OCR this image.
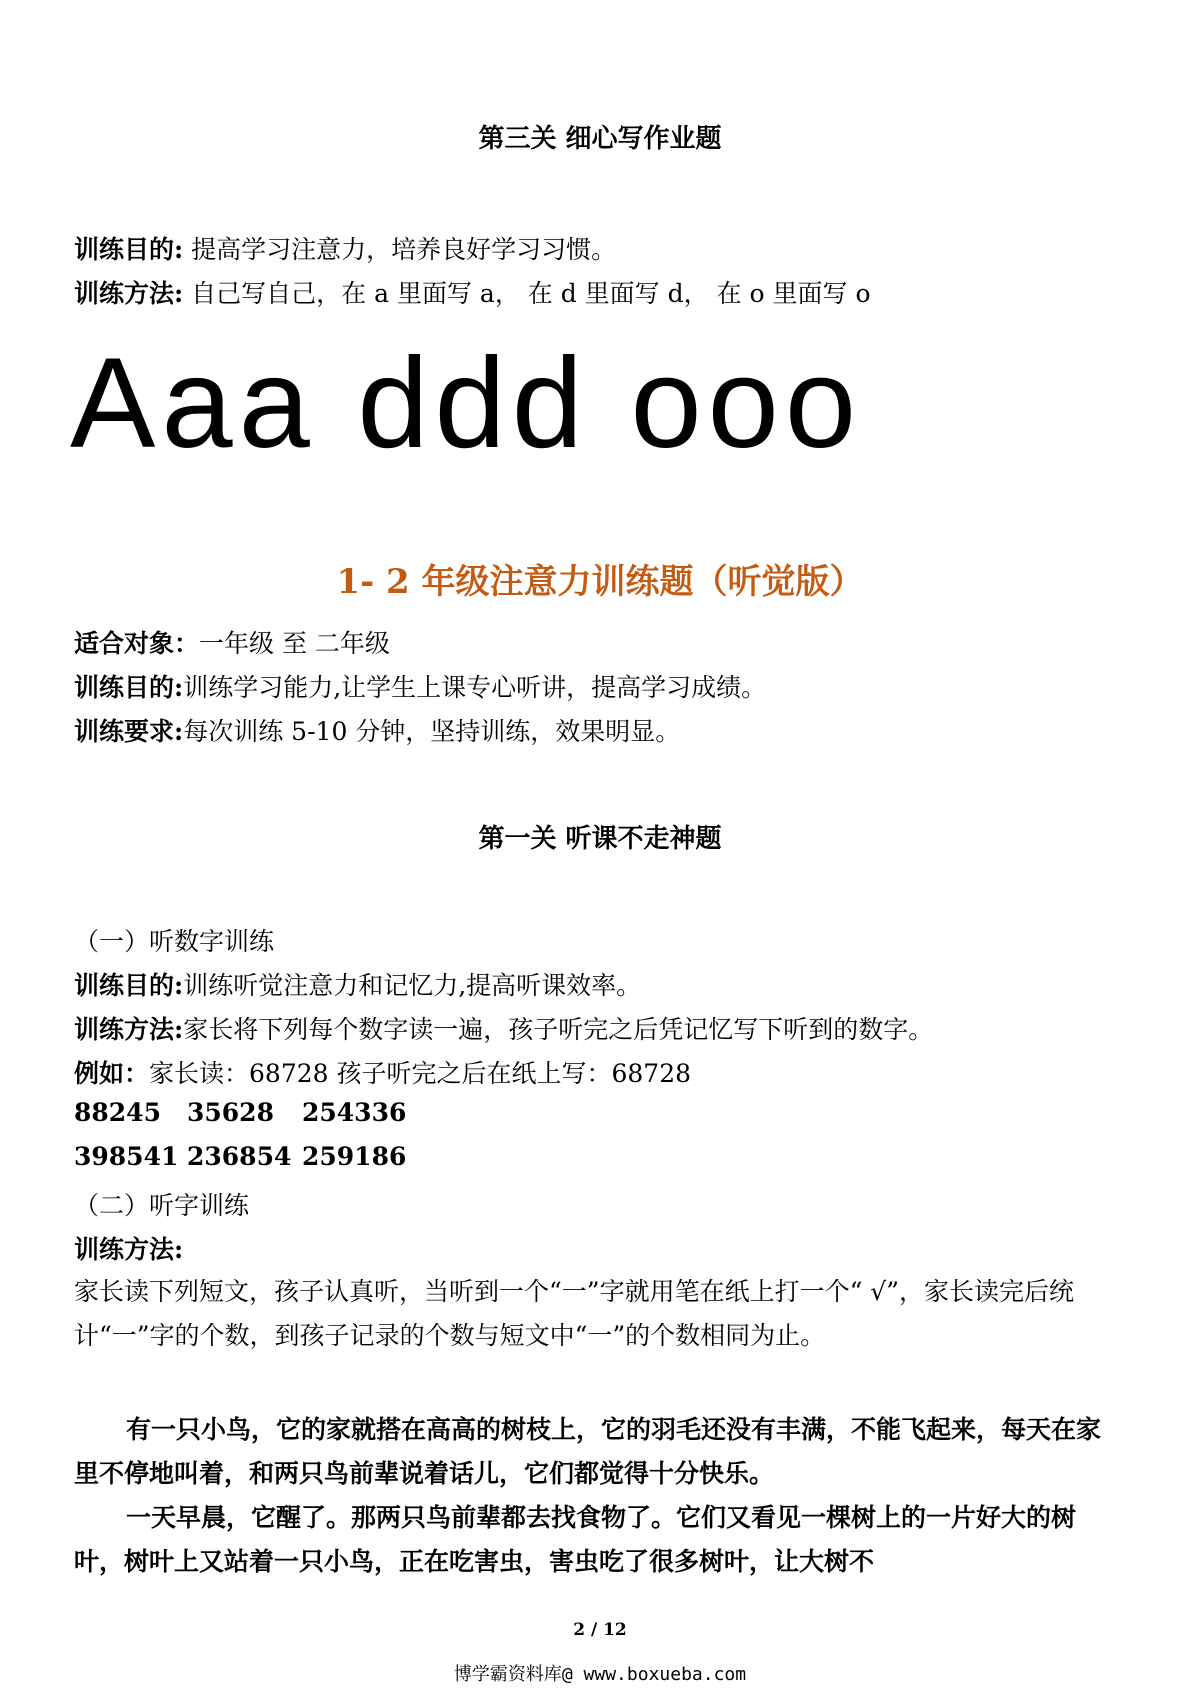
第三关 细心写作业题
训练目的: 提高学习注意力，培养良好学习习惯。
训练方法: 自己写自己，在 a 里面写 a， 在 d 里面写 d， 在 o 里面写 o
Aaa ddd ooo
1- 2 年级注意力训练题（听觉版）
适合对象：一年级 至 二年级
训练目的:训练学习能力,让学生上课专心听讲，提高学习成绩。
训练要求:每次训练 5-10 分钟，坚持训练，效果明显。
第一关 听课不走神题
（一）听数字训练
训练目的:训练听觉注意力和记忆力,提高听课效率。
训练方法:家长将下列每个数字读一遍，孩子听完之后凭记忆写下听到的数字。
例如：家长读：68728 孩子听完之后在纸上写：68728
88245 35628 254336
398541 236854 259186
（二）听字训练
训练方法:
家长读下列短文，孩子认真听，当听到一个“一”字就用笔在纸上打一个“ √”，家长读完后统计“一”字的个数，到孩子记录的个数与短文中“一”的个数相同为止。
有一只小鸟，它的家就搭在高高的树枝上，它的羽毛还没有丰满，不能飞起来，每天在家里不停地叫着，和两只鸟前辈说着话儿，它们都觉得十分快乐。
一天早晨，它醒了。那两只鸟前辈都去找食物了。它们又看见一棵树上的一片好大的树叶，树叶上又站着一只小鸟，正在吃害虫，害虫吃了很多树叶，让大树不
2 / 12
博学霸资料库@ www.boxueba.com
